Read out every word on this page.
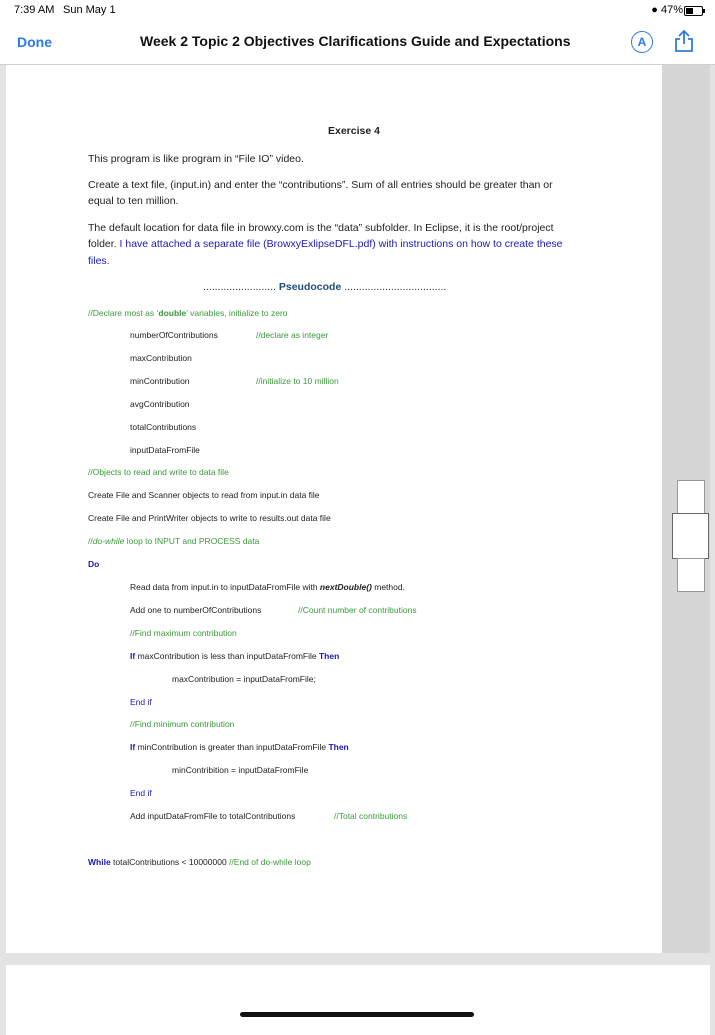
7:39 AM Sun May 1	● 47%
Done	Week 2 Topic 2 Objectives Clarifications Guide and Expectations	A
Exercise 4
This program is like program in “File IO” video.
Create a text file, (input.in) and enter the “contributions”. Sum of all entries should be greater than or
equal to ten million.
The default location for data file in browxy.com is the “data” subfolder. In Eclipse, it is the root/project
folder. I have attached a separate file (BrowxyExlipseDFL.pdf) with instructions on how to create these
files.
......................... Pseudocode ...................................
//Declare most as ‘double’ variables, initialize to zero
numberOfContributions	//declare as integer
maxContribution
minContribution	//initialize to 10 million
avgContribution
totalContributions
inputDataFromFile
//Objects to read and write to data file
Create File and Scanner objects to read from input.in data file
Create File and PrintWriter objects to write to results.out data file
//do-while loop to INPUT and PROCESS data
Do
Read data from input.in to inputDataFromFile with nextDouble() method.
Add one to numberOfContributions	//Count number of contributions
//Find maximum contribution
If maxContribution is less than inputDataFromFile Then
maxContribution = inputDataFromFile;
End if
//Find minimum contribution
If minContribution is greater than inputDataFromFile Then
minContribition = inputDataFromFile
End if
Add inputDataFromFile to totalContributions	//Total contributions
While totalContributions < 10000000 //End of do-while loop
